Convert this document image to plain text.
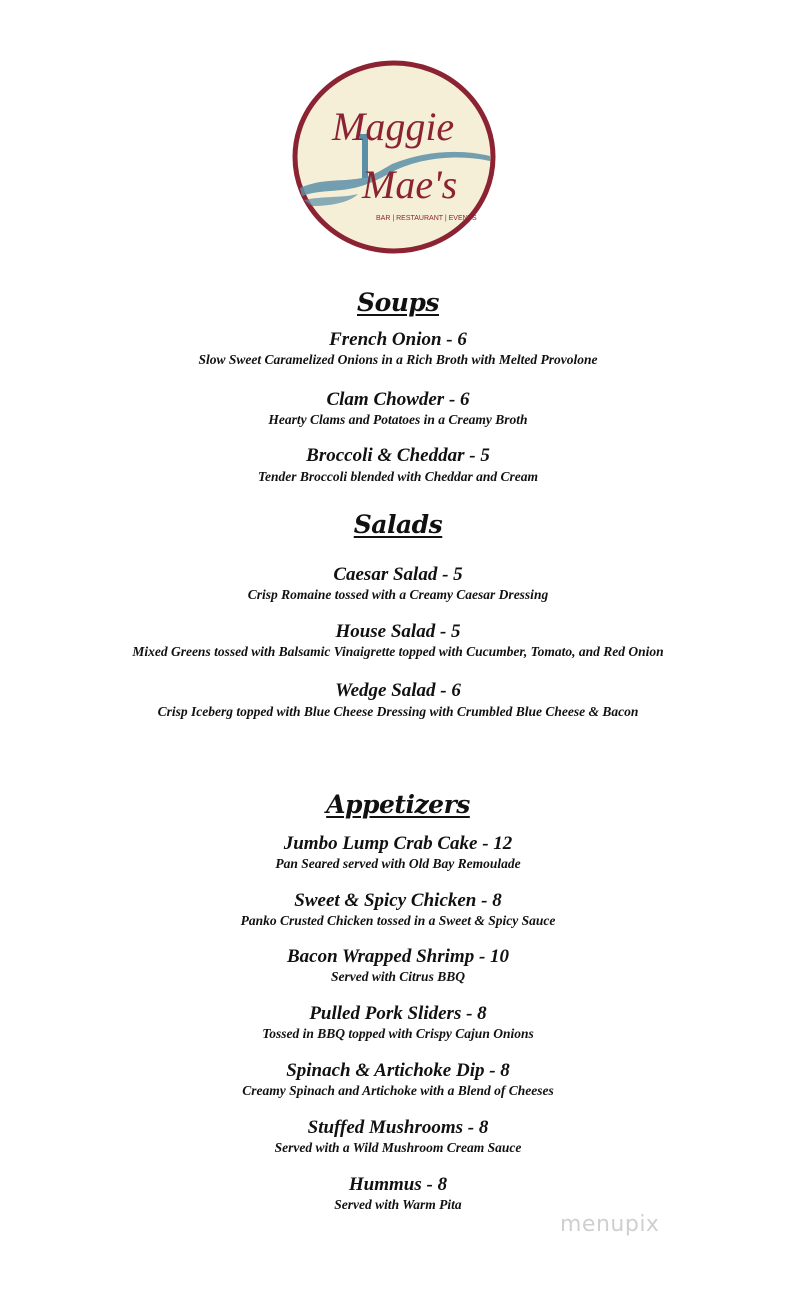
Maggie
Mae's
BAR | RESTAURANT | EVENTS
Soups
French Onion - 6
Slow Sweet Caramelized Onions in a Rich Broth with Melted Provolone
Clam Chowder - 6
Hearty Clams and Potatoes in a Creamy Broth
Broccoli & Cheddar - 5
Tender Broccoli blended with Cheddar and Cream
Salads
Caesar Salad - 5
Crisp Romaine tossed with a Creamy Caesar Dressing
House Salad - 5
Mixed Greens tossed with Balsamic Vinaigrette topped with Cucumber, Tomato, and Red Onion
Wedge Salad - 6
Crisp Iceberg topped with Blue Cheese Dressing with Crumbled Blue Cheese & Bacon
Appetizers
Jumbo Lump Crab Cake - 12
Pan Seared served with Old Bay Remoulade
Sweet & Spicy Chicken - 8
Panko Crusted Chicken tossed in a Sweet & Spicy Sauce
Bacon Wrapped Shrimp - 10
Served with Citrus BBQ
Pulled Pork Sliders - 8
Tossed in BBQ topped with Crispy Cajun Onions
Spinach & Artichoke Dip - 8
Creamy Spinach and Artichoke with a Blend of Cheeses
Stuffed Mushrooms - 8
Served with a Wild Mushroom Cream Sauce
Hummus - 8
Served with Warm Pita
menupix
